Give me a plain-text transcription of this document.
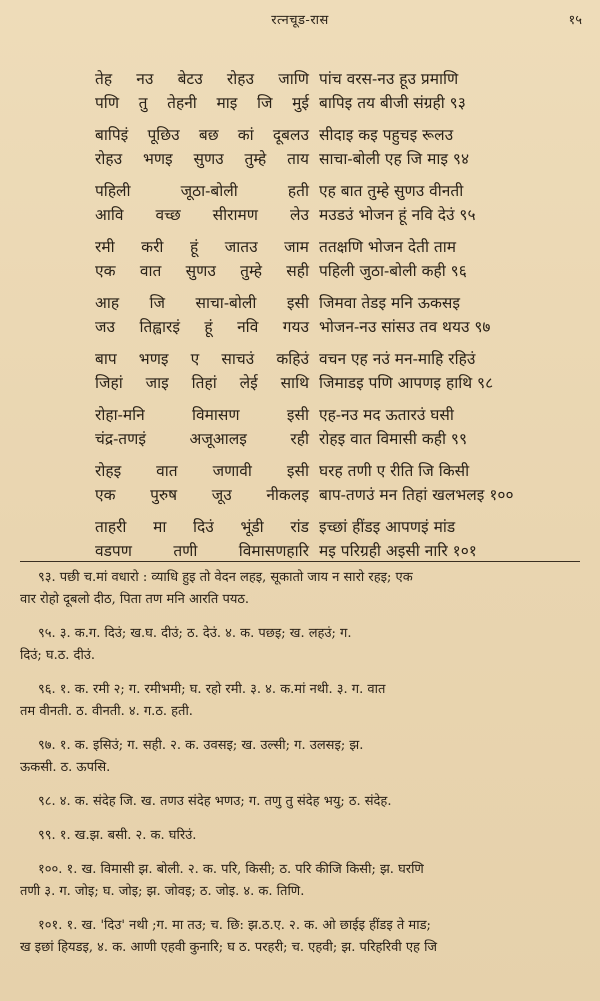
रत्नचूड-रास	१५
तेह नउ बेटउ रोहउ जाणि पांच वरस-नउ हूउ प्रमाणि
पणि तु तेहनी माइ जि मुई बापिइ तय बीजी संग्रही ९३
बापिइं पूछिउ बछ कां दूबलउ सीदाइ कइ पहुचइ रूलउ
रोहउ भणइ सुणउ तुम्हे ताय साचा-बोली एह जि माइ ९४
पहिली	जूठा-बोली	हती एह बात तुम्हे सुणउ वीनती
आवि वच्छ सीरामण लेउ मउडउं भोजन हूं नवि देउं ९५
रमी करी हूं जातउ जाम ततक्षणि भोजन देती ताम
एक वात सुणउ तुम्हे सही पहिली जुठा-बोली कही ९६
आह जि साचा-बोली इसी जिमवा तेडइ मनि ऊकसइ
जउ तिह्वारइं हूं नवि गयउ भोजन-नउ सांसउ तव थयउ ९७
बाप भणइ ए साचउं कहिउं वचन एह नउं मन-माहि रहिउं
जिहां जाइ तिहां लेई साथि जिमाडइ पणि आपणइ हाथि ९८
रोहा-मनि	विमासण	इसी एह-नउ मद ऊतारउं घसी
चंद्र-तणइं	अजूआलइ	रही रोहइ वात विमासी कही ९९
रोहइ वात जणावी इसी घरह तणी ए रीति जि किसी
एक पुरुष जूउ नीकलइ बाप-तणउं मन तिहां खलभलइ १००
ताहरी मा दिउं भूंडी रांड इच्छां हींडइ आपणइं मांड
वडपण	तणी	विमासणहारि मइ परिग्रही अइसी नारि १०१
९३. पछी च.मां वधारो : व्याधि हुइ तो वेदन लहइ, सूकातो जाय न सारो रहइ; एक
वार रोहो दूबलो दीठ, पिता तण मनि आरति पयठ.
९५. ३. क.ग. दिउं; ख.घ. दीउं; ठ. देउं. ४. क. पछइ; ख. लहउं; ग.
दिउं; घ.ठ. दीउं.
९६. १. क. रमी २; ग. रमीभमी; घ. रहो रमी. ३. ४. क.मां नथी. ३. ग. वात
तम वीनती. ठ. वीनती. ४. ग.ठ. हती.
९७. १. क. इसिउं; ग. सही. २. क. उवसइ; ख. उल्सी; ग. उलसइ; झ.
ऊकसी. ठ. ऊपसि.
९८. ४. क. संदेह जि. ख. तणउ संदेह भणउ; ग. तणु तु संदेह भयु; ठ. संदेह.
९९. १. ख.झ. बसी. २. क. घरिउं.
१००. १. ख. विमासी झ. बोली. २. क. परि, किसी; ठ. परि कीजि किसी; झ. घरणि
तणी ३. ग. जोइ; घ. जोइ; झ. जोवइ; ठ. जोइ. ४. क. तिणि.
१०१. १. ख. 'दिउ' नथी ;ग. मा तउ; च. छि: झ.ठ.ए. २. क. ओ छाईइ हींडइ ते माड;
ख इछां हियडइ, ४. क. आणी एहवी कुनारि; घ ठ. परहरी; च. एहवी; झ. परिहरिवी एह जि
